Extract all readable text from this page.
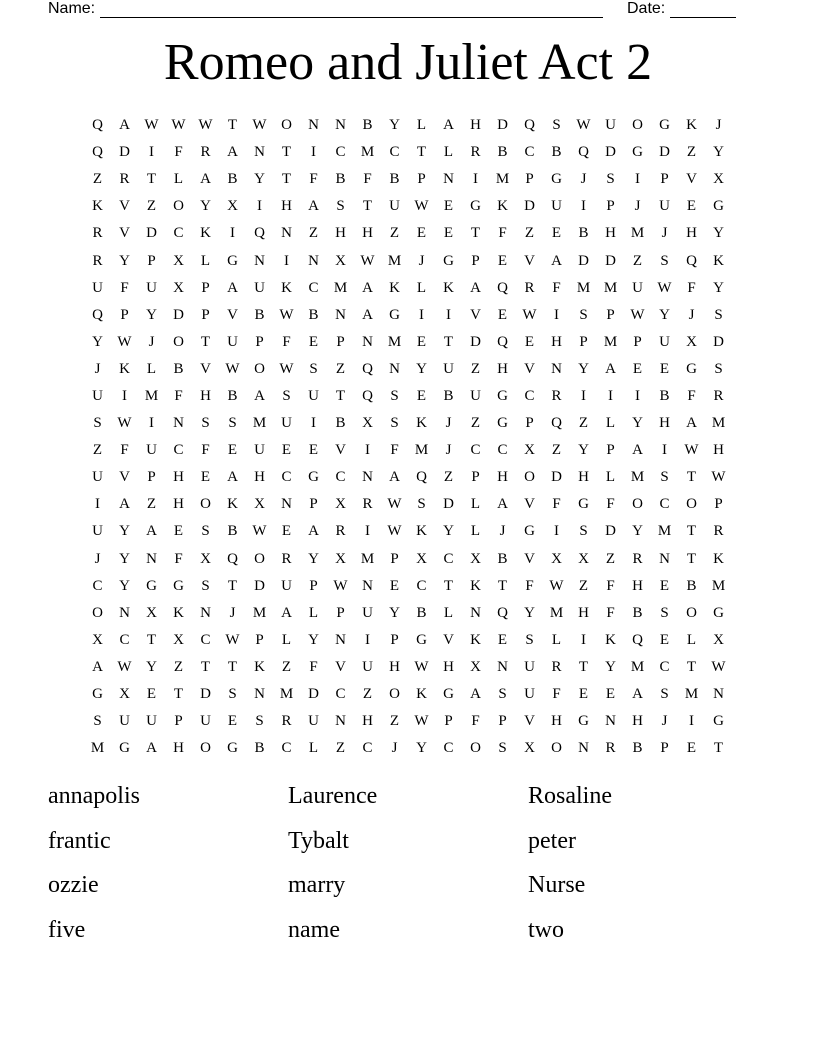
Name:	Date:
Romeo and Juliet Act 2
Q	A W W W	T	W O	N	N	B	Y	L	A	H	D	Q	S	W U	O	G	K	J
Q	D	I	F	R	A	N	T	I	C	M	C	T	L	R	B	C	B	Q	D	G	D	Z	Y
Z	R	T	L	A	B	Y	T	F	B	F	B	P	N	I	M	P	G	J	S	I	P	V	X
K	V	Z	O	Y	X	I	H	A	S	T	U W	E	G	K	D	U	I	P	J	U	E	G
R	V	D	C	K	I	Q	N	Z	H	H	Z	E	E	T	F	Z	E	B	H M	J	H	Y
R	Y	P	X	L	G	N	I	N	X W M	J	G	P	E	V	A	D	D	Z	S	Q	K
U	F	U	X	P	A	U	K	C	M A	K	L	K	A	Q	R	F	M M U W	F	Y
Q	P	Y	D	P	V	B W B	N	A	G	I	I	V	E	W	I	S	P	W Y	J	S
Y W	J	O	T	U	P	F	E	P	N M	E	T	D	Q	E	H	P	M	P	U	X	D
J	K	L	B	V W O W	S	Z	Q	N	Y	U	Z	H	V	N	Y	A	E	E	G	S
U	I	M	F	H	B	A	S	U	T	Q	S	E	B	U	G	C	R	I	I	I	B	F	R
S	W	I	N	S	S	M U	I	B	X	S	K	J	Z	G	P	Q	Z	L	Y	H	A M
Z	F	U	C	F	E	U	E	E	V	I	F	M	J	C	C	X	Z	Y	P	A	I	W H
U	V	P	H	E	A	H	C	G	C	N	A	Q	Z	P	H	O	D	H	L	M	S	T	W
I	A	Z	H	O	K	X	N	P	X	R W	S	D	L	A	V	F	G	F	O	C	O	P
U	Y	A	E	S	B W	E	A	R	I	W K	Y	L	J	G	I	S	D	Y M	T	R
J	Y	N	F	X	Q	O	R	Y	X M	P	X	C	X	B	V	X	X	Z	R	N	T	K
C	Y	G	G	S	T	D	U	P	W N	E	C	T	K	T	F	W	Z	F	H	E	B	M
O	N	X	K	N	J	M A	L	P	U	Y	B	L	N	Q	Y M H	F	B	S	O	G
X	C	T	X	C W	P	L	Y	N	I	P	G	V	K	E	S	L	I	K	Q	E	L	X
A W Y	Z	T	T	K	Z	F	V	U	H W H	X	N	U	R	T	Y M	C	T	W
G	X	E	T	D	S	N M D	C	Z	O	K	G	A	S	U	F	E	E	A	S	M N
S	U	U	P	U	E	S	R	U	N	H	Z	W	P	F	P	V	H	G	N	H	J	I	G
M G	A	H	O	G	B	C	L	Z	C	J	Y	C	O	S	X	O	N	R	B	P	E	T
annapolis	Laurence	Rosaline
frantic	Tybalt	peter
ozzie	marry	Nurse
five	name	two
